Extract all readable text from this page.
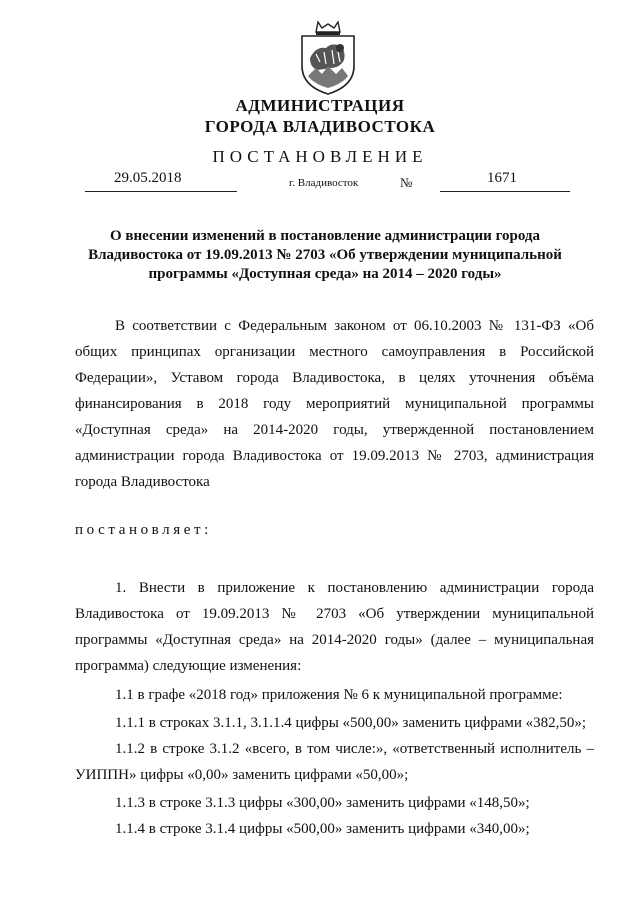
АДМИНИСТРАЦИЯ
ГОРОДА ВЛАДИВОСТОКА
ПОСТАНОВЛЕНИЕ
29.05.2018	г. Владивосток	№	1671
О внесении изменений в постановление администрации города Владивостока от 19.09.2013 № 2703 «Об утверждении муниципальной программы «Доступная среда» на 2014 – 2020 годы»
В соответствии с Федеральным законом от 06.10.2003 № 131-ФЗ «Об общих принципах организации местного самоуправления в Российской Федерации», Уставом города Владивостока, в целях уточнения объёма финансирования в 2018 году мероприятий муниципальной программы «Доступная среда» на 2014-2020 годы, утвержденной постановлением администрации города Владивостока от 19.09.2013 № 2703, администрация города Владивостока
постановляет:
1. Внести в приложение к постановлению администрации города Владивостока от 19.09.2013 № 2703 «Об утверждении муниципальной программы «Доступная среда» на 2014-2020 годы» (далее – муниципальная программа) следующие изменения:
1.1 в графе «2018 год» приложения № 6 к муниципальной программе:
1.1.1 в строках 3.1.1, 3.1.1.4 цифры «500,00» заменить цифрами «382,50»;
1.1.2 в строке 3.1.2 «всего, в том числе:», «ответственный исполнитель – УИППН» цифры «0,00» заменить цифрами «50,00»;
1.1.3 в строке 3.1.3 цифры «300,00» заменить цифрами «148,50»;
1.1.4 в строке 3.1.4 цифры «500,00» заменить цифрами «340,00»;
